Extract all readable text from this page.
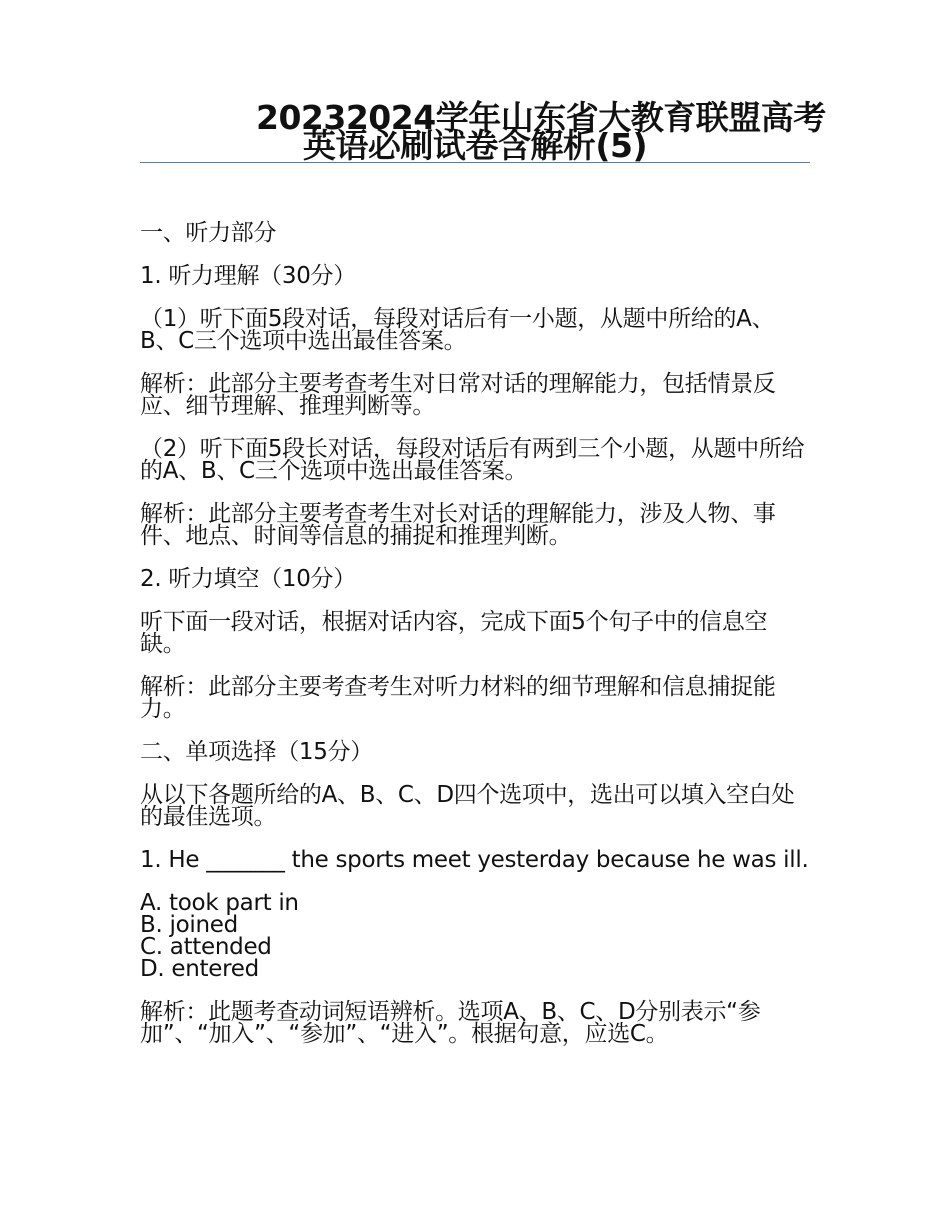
20232024学年山东省大教育联盟高考
英语必刷试卷含解析(5)
一、听力部分
1. 听力理解（30分）
（1）听下面5段对话，每段对话后有一小题，从题中所给的A、B、C三个选项中选出最佳答案。
解析：此部分主要考查考生对日常对话的理解能力，包括情景反应、细节理解、推理判断等。
（2）听下面5段长对话，每段对话后有两到三个小题，从题中所给的A、B、C三个选项中选出最佳答案。
解析：此部分主要考查考生对长对话的理解能力，涉及人物、事件、地点、时间等信息的捕捉和推理判断。
2. 听力填空（10分）
听下面一段对话，根据对话内容，完成下面5个句子中的信息空缺。
解析：此部分主要考查考生对听力材料的细节理解和信息捕捉能力。
二、单项选择（15分）
从以下各题所给的A、B、C、D四个选项中，选出可以填入空白处的最佳选项。
1. He _______ the sports meet yesterday because he was ill.
A. took part in
B. joined
C. attended
D. entered
解析：此题考查动词短语辨析。选项A、B、C、D分别表示“参加”、“加入”、“参加”、“进入”。根据句意，应选C。
